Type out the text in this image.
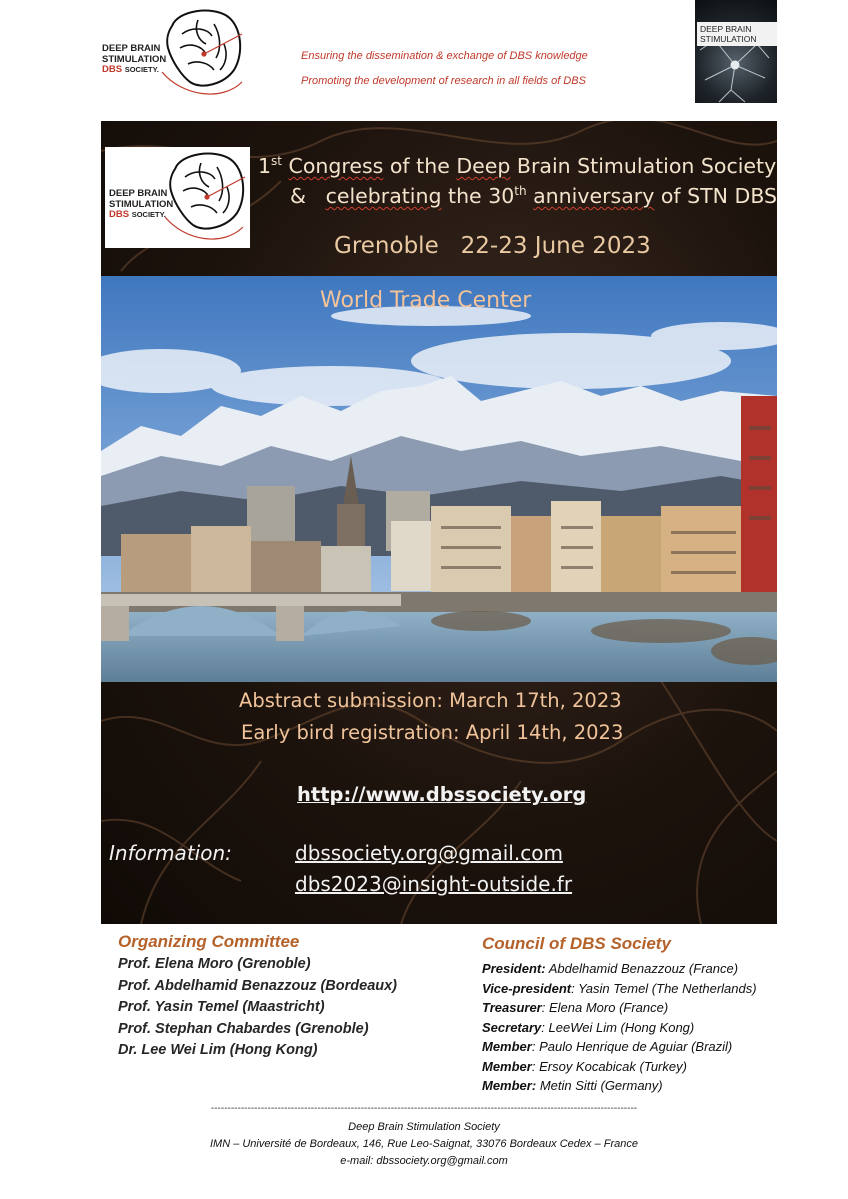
DEEP BRAIN
STIMULATION
DBS SOCIETY.
Ensuring the dissemination & exchange of DBS knowledge
Promoting the development of research in all fields of DBS
DEEP BRAIN
STIMULATION
DEEP BRAIN
STIMULATION
DBS SOCIETY.
1st Congress of the Deep Brain Stimulation Society
& celebrating the 30th anniversary of STN DBS
Grenoble   22-23 June 2023
World Trade Center
Abstract submission: March 17th, 2023
Early bird registration: April 14th, 2023
http://www.dbssociety.org
Information:	dbssociety.org@gmail.com
dbs2023@insight-outside.fr
Organizing Committee
Prof. Elena Moro (Grenoble)
Prof. Abdelhamid Benazzouz (Bordeaux)
Prof. Yasin Temel (Maastricht)
Prof. Stephan Chabardes (Grenoble)
Dr. Lee Wei Lim (Hong Kong)
Council of DBS Society
President: Abdelhamid Benazzouz (France)
Vice-president: Yasin Temel (The Netherlands)
Treasurer: Elena Moro (France)
Secretary: LeeWei Lim (Hong Kong)
Member: Paulo Henrique de Aguiar (Brazil)
Member: Ersoy Kocabicak (Turkey)
Member: Metin Sitti (Germany)
--------------------------------------------------------------------------------------------------------------------------------
Deep Brain Stimulation Society
IMN – Université de Bordeaux, 146, Rue Leo-Saignat, 33076 Bordeaux Cedex – France
e-mail: dbssociety.org@gmail.com
